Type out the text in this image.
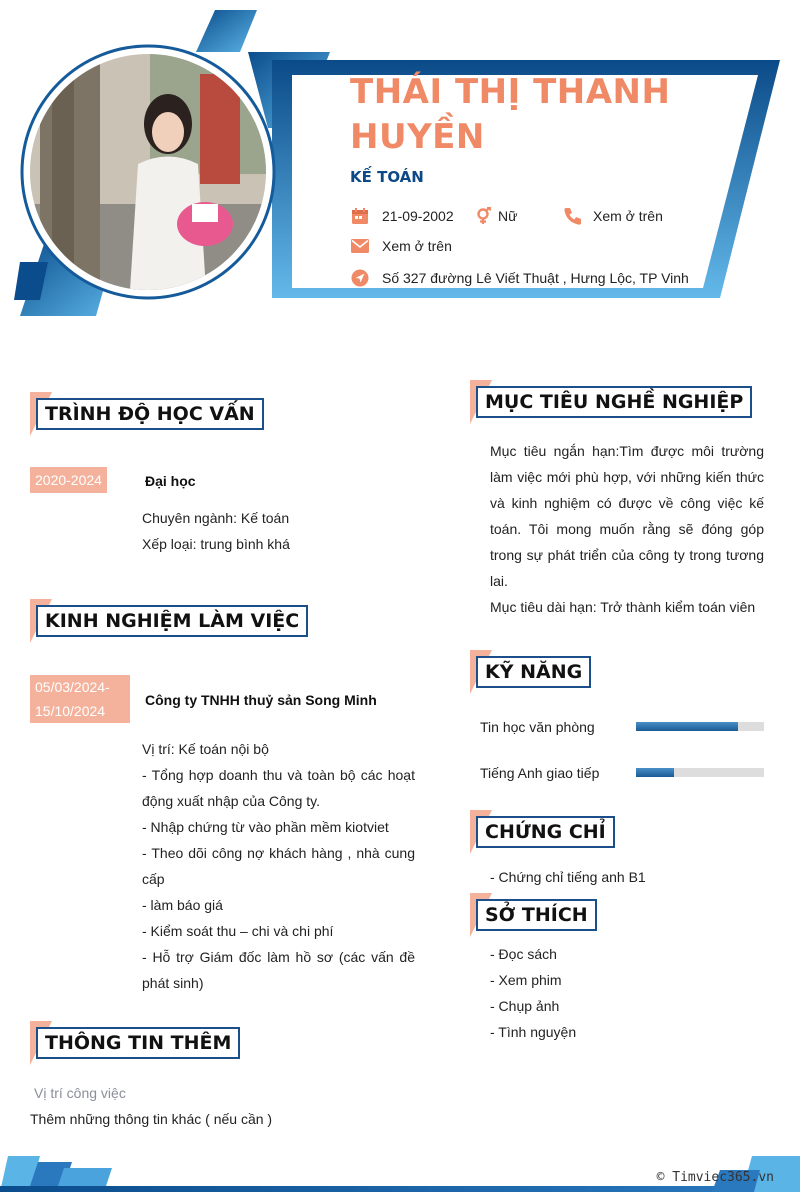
THÁI THỊ THANH HUYỀN
KẾ TOÁN
21-09-2002	Nữ	Xem ở trên
Xem ở trên
Số 327 đường Lê Viết Thuật , Hưng Lộc, TP Vinh
TRÌNH ĐỘ HỌC VẤN
2020-2024	Đại học
Chuyên ngành: Kế toán
Xếp loại: trung bình khá
KINH NGHIỆM LÀM VIỆC
05/03/2024-15/10/2024
Công ty TNHH thuỷ sản Song Minh
Vị trí: Kế toán nội bộ
- Tổng hợp doanh thu và toàn bộ các hoạt động xuất nhập của Công ty.
- Nhập chứng từ vào phần mềm kiotviet
- Theo dõi công nợ khách hàng , nhà cung cấp
- làm báo giá
- Kiểm soát thu – chi và chi phí
- Hỗ trợ Giám đốc làm hồ sơ (các vấn đề phát sinh)
THÔNG TIN THÊM
Vị trí công việc
Thêm những thông tin khác ( nếu cần )
MỤC TIÊU NGHỀ NGHIỆP
Mục tiêu ngắn hạn:Tìm được môi trường làm việc mới phù hợp, với những kiến thức và kinh nghiệm có được về công việc kế toán. Tôi mong muốn rằng sẽ đóng góp trong sự phát triển của công ty trong tương lai.
Mục tiêu dài hạn: Trở thành kiểm toán viên
KỸ NĂNG
Tin học văn phòng
Tiếng Anh giao tiếp
CHỨNG CHỈ
- Chứng chỉ tiếng anh B1
SỞ THÍCH
- Đọc sách
- Xem phim
- Chụp ảnh
- Tình nguyện
© Timviec365.vn
